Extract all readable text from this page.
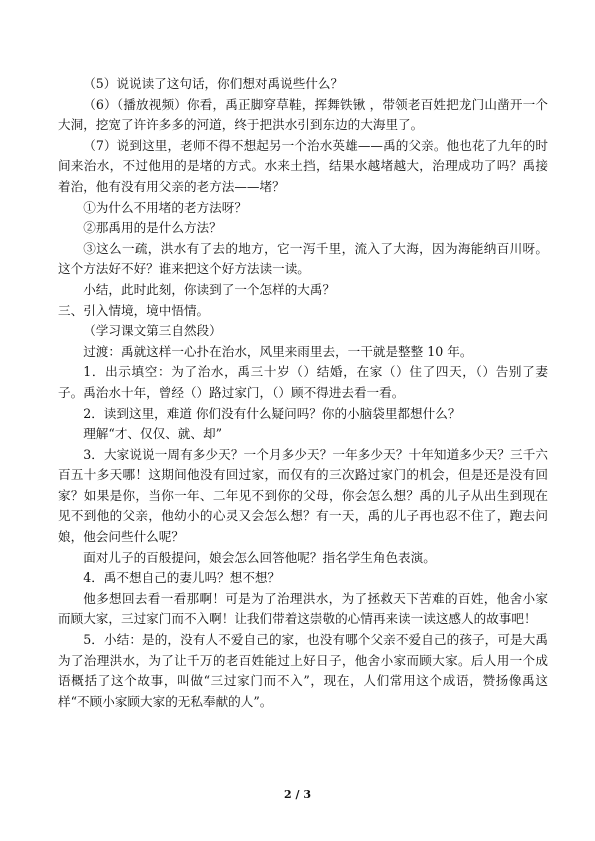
（5）说说读了这句话，你们想对禹说些什么？

（6）（播放视频）你看，禹正脚穿草鞋，挥舞铁锹 ，带领老百姓把龙门山凿开一个大洞，挖宽了许许多多的河道，终于把洪水引到东边的大海里了。

（7）说到这里，老师不得不想起另一个治水英雄——禹的父亲。他也花了九年的时间来治水，不过他用的是堵的方式。水来土挡，结果水越堵越大，治理成功了吗？禹接着治，他有没有用父亲的老方法——堵？

①为什么不用堵的老方法呀？

②那禹用的是什么方法？

③这么一疏，洪水有了去的地方，它一泻千里，流入了大海，因为海能纳百川呀。这个方法好不好？谁来把这个好方法读一读。

小结，此时此刻，你读到了一个怎样的大禹？

三、引入情境，境中悟情。

（学习课文第三自然段）

过渡：禹就这样一心扑在治水，风里来雨里去，一干就是整整 10 年。

1．出示填空：为了治水，禹三十岁（）结婚，在家（）住了四天，（）告别了妻子。禹治水十年，曾经（）路过家门，（）顾不得进去看一看。

2．读到这里，难道 你们没有什么疑问吗？你的小脑袋里都想什么？

理解“才、仅仅、就、却”

3．大家说说一周有多少天？一个月多少天？一年多少天？十年知道多少天？三千六百五十多天哪！这期间他没有回过家，而仅有的三次路过家门的机会，但是还是没有回家？如果是你，当你一年、二年见不到你的父母，你会怎么想？禹的儿子从出生到现在见不到他的父亲，他幼小的心灵又会怎么想？有一天，禹的儿子再也忍不住了，跑去问娘，他会问些什么呢？

面对儿子的百般提问，娘会怎么回答他呢？指名学生角色表演。

4．禹不想自己的妻儿吗？想不想？

他多想回去看一看那啊！可是为了治理洪水，为了拯救天下苦难的百姓，他舍小家而顾大家，三过家门而不入啊！让我们带着这崇敬的心情再来读一读这感人的故事吧！

5．小结：是的，没有人不爱自己的家，也没有哪个父亲不爱自己的孩子，可是大禹为了治理洪水，为了让千万的老百姓能过上好日子，他舍小家而顾大家。后人用一个成语概括了这个故事，叫做“三过家门而不入”，现在，人们常用这个成语，赞扬像禹这样“不顾小家顾大家的无私奉献的人”。

2 / 3
